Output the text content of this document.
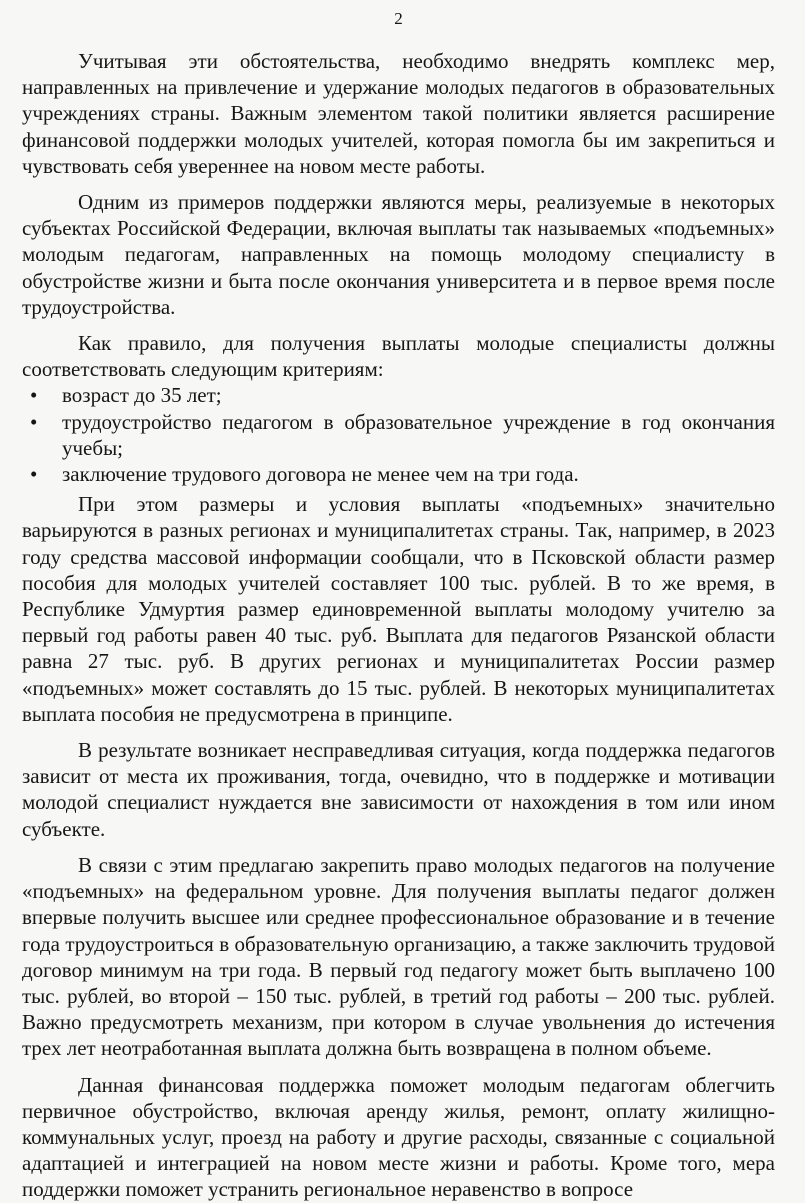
2

Учитывая эти обстоятельства, необходимо внедрять комплекс мер, направленных на привлечение и удержание молодых педагогов в образовательных учреждениях страны. Важным элементом такой политики является расширение финансовой поддержки молодых учителей, которая помогла бы им закрепиться и чувствовать себя увереннее на новом месте работы.

Одним из примеров поддержки являются меры, реализуемые в некоторых субъектах Российской Федерации, включая выплаты так называемых «подъемных» молодым педагогам, направленных на помощь молодому специалисту в обустройстве жизни и быта после окончания университета и в первое время после трудоустройства.

Как правило, для получения выплаты молодые специалисты должны соответствовать следующим критериям:

• возраст до 35 лет;
• трудоустройство педагогом в образовательное учреждение в год окончания учебы;
• заключение трудового договора не менее чем на три года.

При этом размеры и условия выплаты «подъемных» значительно варьируются в разных регионах и муниципалитетах страны. Так, например, в 2023 году средства массовой информации сообщали, что в Псковской области размер пособия для молодых учителей составляет 100 тыс. рублей. В то же время, в Республике Удмуртия размер единовременной выплаты молодому учителю за первый год работы равен 40 тыс. руб. Выплата для педагогов Рязанской области равна 27 тыс. руб. В других регионах и муниципалитетах России размер «подъемных» может составлять до 15 тыс. рублей. В некоторых муниципалитетах выплата пособия не предусмотрена в принципе.

В результате возникает несправедливая ситуация, когда поддержка педагогов зависит от места их проживания, тогда, очевидно, что в поддержке и мотивации молодой специалист нуждается вне зависимости от нахождения в том или ином субъекте.

В связи с этим предлагаю закрепить право молодых педагогов на получение «подъемных» на федеральном уровне. Для получения выплаты педагог должен впервые получить высшее или среднее профессиональное образование и в течение года трудоустроиться в образовательную организацию, а также заключить трудовой договор минимум на три года. В первый год педагогу может быть выплачено 100 тыс. рублей, во второй – 150 тыс. рублей, в третий год работы – 200 тыс. рублей. Важно предусмотреть механизм, при котором в случае увольнения до истечения трех лет неотработанная выплата должна быть возвращена в полном объеме.

Данная финансовая поддержка поможет молодым педагогам облегчить первичное обустройство, включая аренду жилья, ремонт, оплату жилищно-коммунальных услуг, проезд на работу и другие расходы, связанные с социальной адаптацией и интеграцией на новом месте жизни и работы. Кроме того, мера поддержки поможет устранить региональное неравенство в вопросе
